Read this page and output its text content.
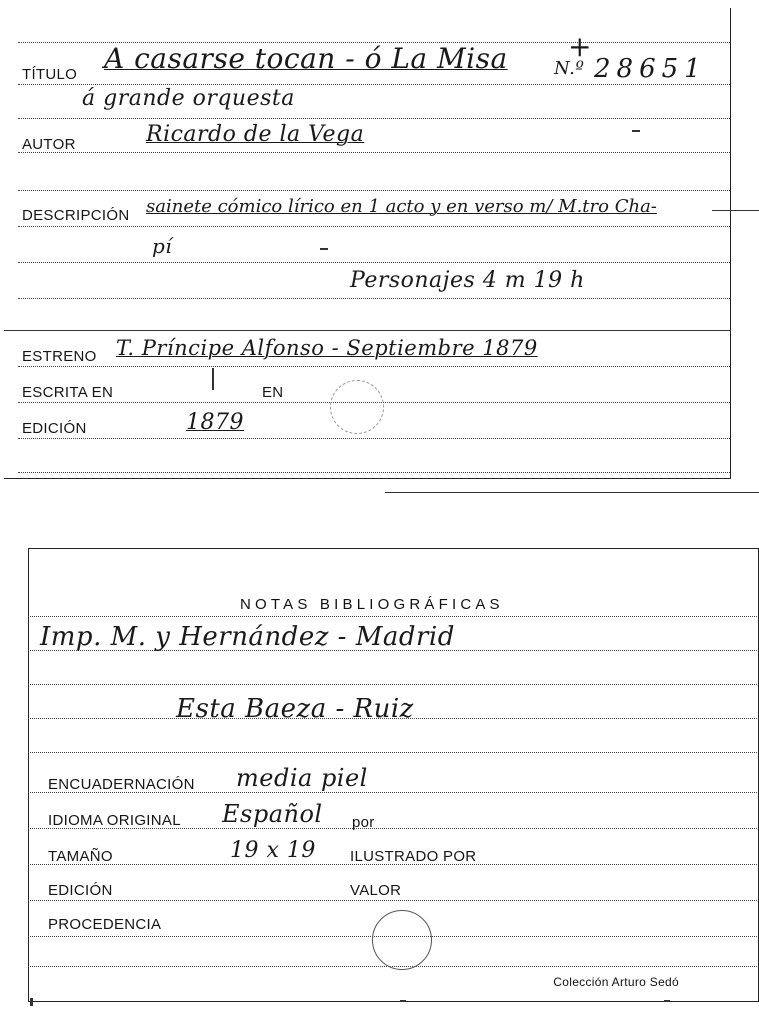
TÍTULO A casarse tocan - ó La Misa	N.º
+
28651
á grande orquesta
AUTOR	Ricardo de la Vega
DESCRIPCIÓN sainete cómico lírico en 1 acto y en verso m/ M.tro Cha-
pí
Personajes 4 m 19 h
ESTRENO T. Príncipe Alfonso - Septiembre 1879
ESCRITA EN	EN
EDICIÓN	1879
NOTAS BIBLIOGRÁFICAS
Imp. M. y Hernández - Madrid
Esta Baeza - Ruiz
ENCUADERNACIÓN media piel
IDIOMA ORIGINAL Español por
TAMAÑO	19 x 19 ILUSTRADO POR
EDICIÓN	VALOR
PROCEDENCIA
Colección Arturo Sedó
